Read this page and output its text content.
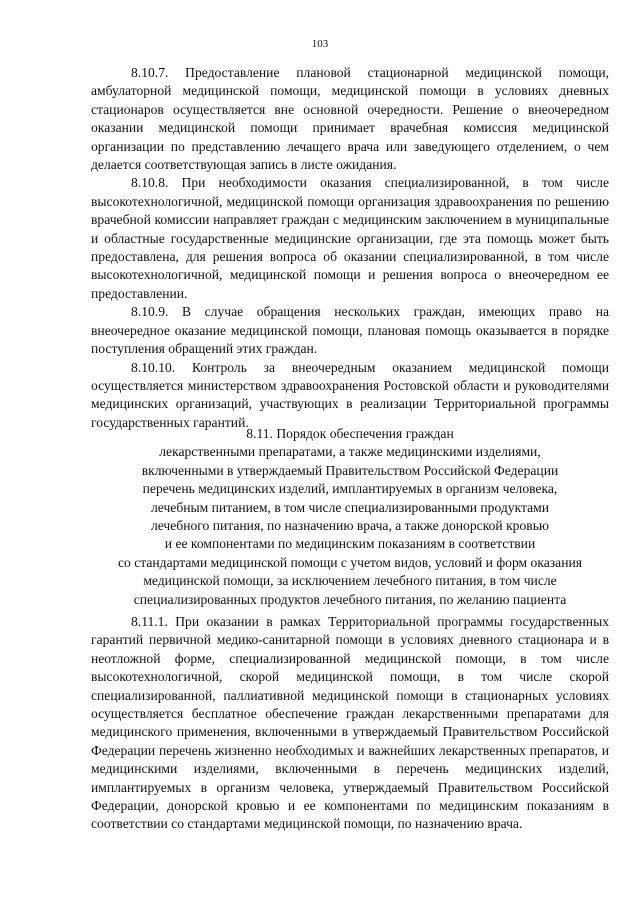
103

8.10.7. Предоставление плановой стационарной медицинской помощи, амбулаторной медицинской помощи, медицинской помощи в условиях дневных стационаров осуществляется вне основной очередности. Решение о внеочередном оказании медицинской помощи принимает врачебная комиссия медицинской организации по представлению лечащего врача или заведующего отделением, о чем делается соответствующая запись в листе ожидания.

8.10.8. При необходимости оказания специализированной, в том числе высокотехнологичной, медицинской помощи организация здравоохранения по решению врачебной комиссии направляет граждан с медицинским заключением в муниципальные и областные государственные медицинские организации, где эта помощь может быть предоставлена, для решения вопроса об оказании специализированной, в том числе высокотехнологичной, медицинской помощи и решения вопроса о внеочередном ее предоставлении.

8.10.9. В случае обращения нескольких граждан, имеющих право на внеочередное оказание медицинской помощи, плановая помощь оказывается в порядке поступления обращений этих граждан.

8.10.10. Контроль за внеочередным оказанием медицинской помощи осуществляется министерством здравоохранения Ростовской области и руководителями медицинских организаций, участвующих в реализации Территориальной программы государственных гарантий.

8.11. Порядок обеспечения граждан
лекарственными препаратами, а также медицинскими изделиями,
включенными в утверждаемый Правительством Российской Федерации
перечень медицинских изделий, имплантируемых в организм человека,
лечебным питанием, в том числе специализированными продуктами
лечебного питания, по назначению врача, а также донорской кровью
и ее компонентами по медицинским показаниям в соответствии
со стандартами медицинской помощи с учетом видов, условий и форм оказания
медицинской помощи, за исключением лечебного питания, в том числе
специализированных продуктов лечебного питания, по желанию пациента

8.11.1. При оказании в рамках Территориальной программы государственных гарантий первичной медико-санитарной помощи в условиях дневного стационара и в неотложной форме, специализированной медицинской помощи, в том числе высокотехнологичной, скорой медицинской помощи, в том числе скорой специализированной, паллиативной медицинской помощи в стационарных условиях осуществляется бесплатное обеспечение граждан лекарственными препаратами для медицинского применения, включенными в утверждаемый Правительством Российской Федерации перечень жизненно необходимых и важнейших лекарственных препаратов, и медицинскими изделиями, включенными в перечень медицинских изделий, имплантируемых в организм человека, утверждаемый Правительством Российской Федерации, донорской кровью и ее компонентами по медицинским показаниям в соответствии со стандартами медицинской помощи, по назначению врача.
